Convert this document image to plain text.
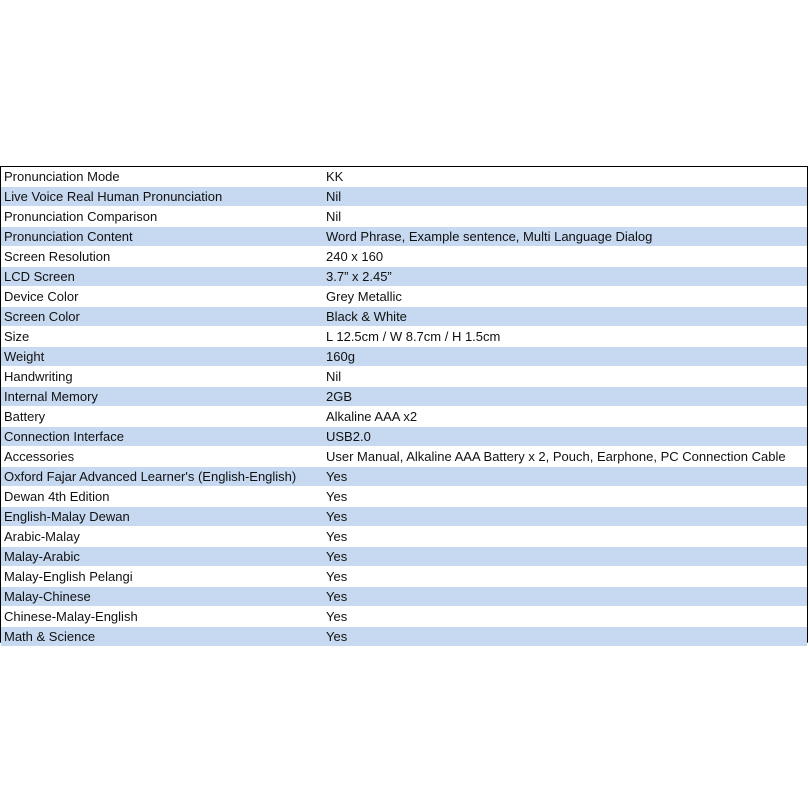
Pronunciation Mode	KK
Live Voice Real Human Pronunciation	Nil
Pronunciation Comparison	Nil
Pronunciation Content	Word Phrase, Example sentence, Multi Language Dialog
Screen Resolution	240 x 160
LCD Screen	3.7” x 2.45”
Device Color	Grey Metallic
Screen Color	Black & White
Size	L 12.5cm / W 8.7cm / H 1.5cm
Weight	160g
Handwriting	Nil
Internal Memory	2GB
Battery	Alkaline AAA x2
Connection Interface	USB2.0
Accessories	User Manual, Alkaline AAA Battery x 2, Pouch, Earphone, PC Connection Cable
Oxford Fajar Advanced Learner's (English-English)	Yes
Dewan 4th Edition	Yes
English-Malay Dewan	Yes
Arabic-Malay	Yes
Malay-Arabic	Yes
Malay-English Pelangi	Yes
Malay-Chinese	Yes
Chinese-Malay-English	Yes
Math & Science	Yes
